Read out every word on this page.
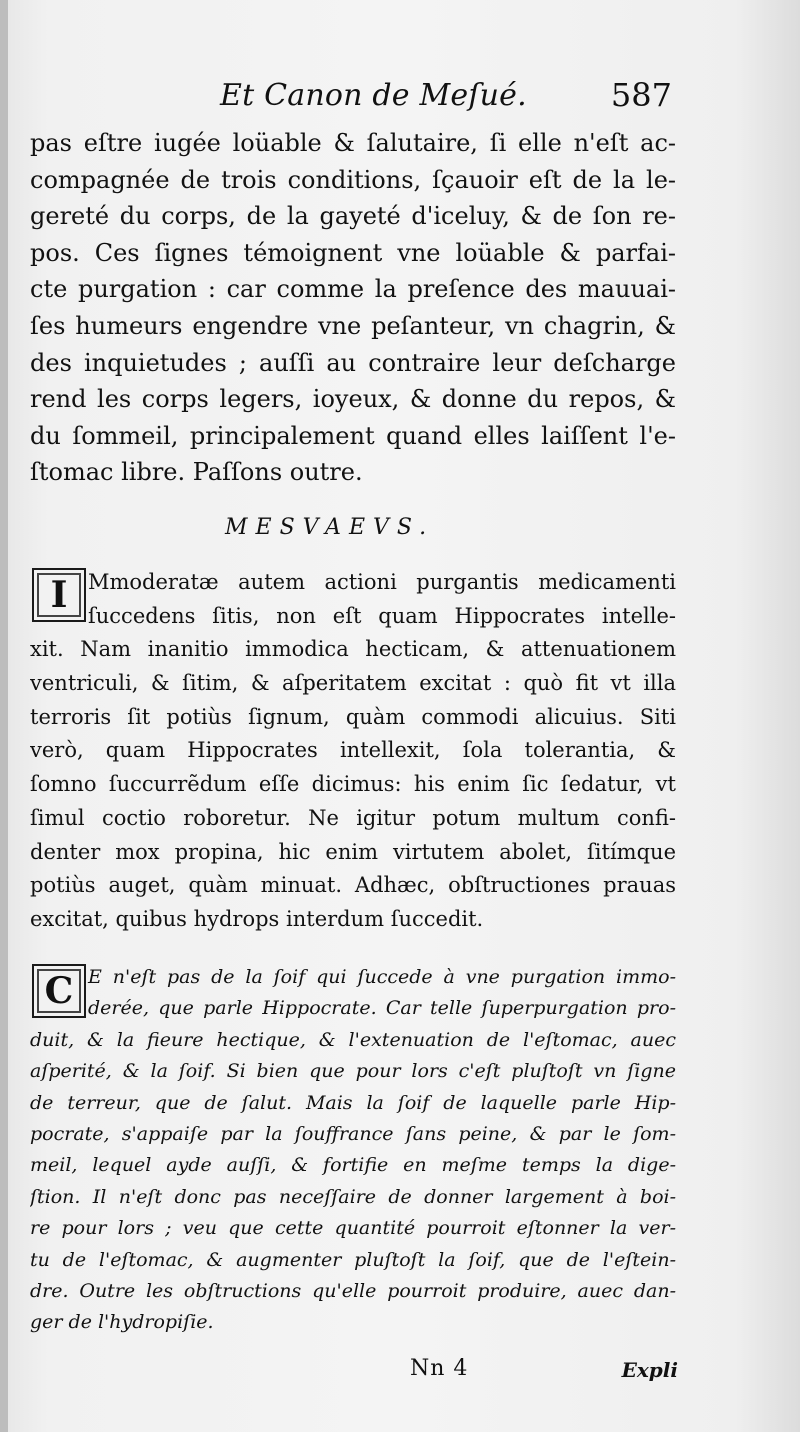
Et Canon de Meſué.	587
pas eſtre iugée loüable & ſalutaire, ſi elle n'eſt ac-
compagnée de trois conditions, ſçauoir eſt de la le-
gereté du corps, de la gayeté d'iceluy, & de ſon re-
pos. Ces ſignes témoignent vne loüable & parfai-
cte purgation : car comme la preſence des mauuai-
ſes humeurs engendre vne peſanteur, vn chagrin, &
des inquietudes ; auſſi au contraire leur deſcharge
rend les corps legers, ioyeux, & donne du repos, &
du ſommeil, principalement quand elles laiſſent l'e-
ſtomac libre. Paſſons outre.
MESVAEVS.
I Mmoderatæ autem actioni purgantis medicamenti
ſuccedens ſitis, non eſt quam Hippocrates intelle-
xit. Nam inanitio immodica hecticam, & attenuationem
ventriculi, & ſitim, & aſperitatem excitat : quò fit vt illa
terroris ſit potiùs ſignum, quàm commodi alicuius. Siti
verò, quam Hippocrates intellexit, ſola tolerantia, &
ſomno ſuccurrẽdum eſſe dicimus: his enim ſic ſedatur, vt
ſimul coctio roboretur. Ne igitur potum multum confi-
denter mox propina, hic enim virtutem abolet, ſitímque
potiùs auget, quàm minuat. Adhæc, obſtructiones prauas
excitat, quibus hydrops interdum ſuccedit.
C E n'eſt pas de la ſoif qui ſuccede à vne purgation immo-
derée, que parle Hippocrate. Car telle ſuperpurgation pro-
duit, & la fieure hectique, & l'extenuation de l'eſtomac, auec
aſperité, & la ſoif. Si bien que pour lors c'eſt pluſtoſt vn ſigne
de terreur, que de ſalut. Mais la ſoif de laquelle parle Hip-
pocrate, s'appaiſe par la ſouffrance ſans peine, & par le ſom-
meil, lequel ayde auſſi, & fortifie en meſme temps la dige-
ſtion. Il n'eſt donc pas neceſſaire de donner largement à boi-
re pour lors ; veu que cette quantité pourroit eſtonner la ver-
tu de l'eſtomac, & augmenter pluſtoſt la ſoif, que de l'eſtein-
dre. Outre les obſtructions qu'elle pourroit produire, auec dan-
ger de l'hydropiſie.
Nn 4	Expli
